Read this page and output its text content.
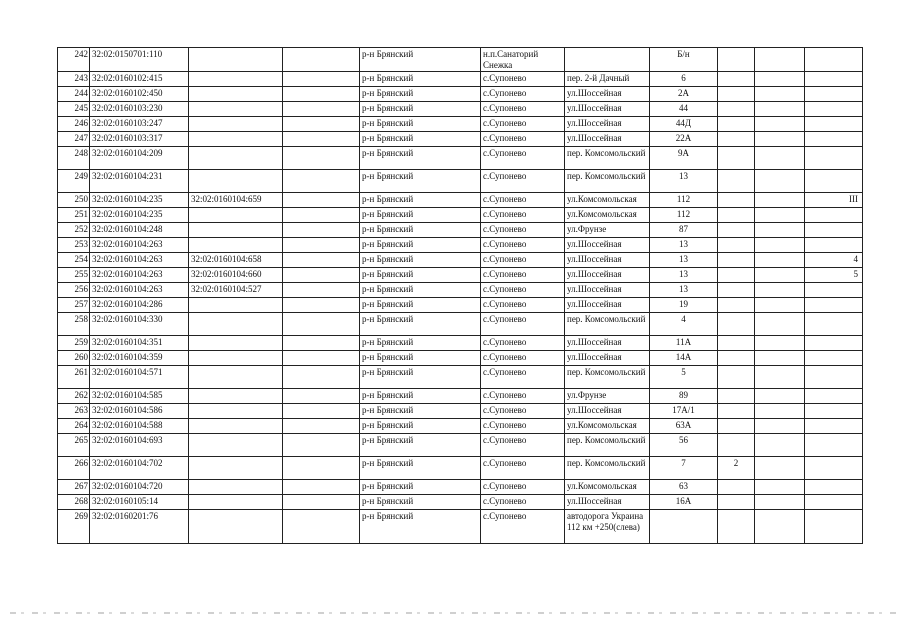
242	32:02:0150701:110			р-н Брянский	н.п.Санаторий Снежка		Б/н			
243	32:02:0160102:415			р-н Брянский	с.Супонево	пер. 2-й Дачный	6			
244	32:02:0160102:450			р-н Брянский	с.Супонево	ул.Шоссейная	2А			
245	32:02:0160103:230			р-н Брянский	с.Супонево	ул.Шоссейная	44			
246	32:02:0160103:247			р-н Брянский	с.Супонево	ул.Шоссейная	44Д			
247	32:02:0160103:317			р-н Брянский	с.Супонево	ул.Шоссейная	22А			
248	32:02:0160104:209			р-н Брянский	с.Супонево	пер. Комсомольский	9А			
249	32:02:0160104:231			р-н Брянский	с.Супонево	пер. Комсомольский	13			
250	32:02:0160104:235	32:02:0160104:659		р-н Брянский	с.Супонево	ул.Комсомольская	112			III
251	32:02:0160104:235			р-н Брянский	с.Супонево	ул.Комсомольская	112			
252	32:02:0160104:248			р-н Брянский	с.Супонево	ул.Фрунзе	87			
253	32:02:0160104:263			р-н Брянский	с.Супонево	ул.Шоссейная	13			
254	32:02:0160104:263	32:02:0160104:658		р-н Брянский	с.Супонево	ул.Шоссейная	13			4
255	32:02:0160104:263	32:02:0160104:660		р-н Брянский	с.Супонево	ул.Шоссейная	13			5
256	32:02:0160104:263	32:02:0160104:527		р-н Брянский	с.Супонево	ул.Шоссейная	13			
257	32:02:0160104:286			р-н Брянский	с.Супонево	ул.Шоссейная	19			
258	32:02:0160104:330			р-н Брянский	с.Супонево	пер. Комсомольский	4			
259	32:02:0160104:351			р-н Брянский	с.Супонево	ул.Шоссейная	11А			
260	32:02:0160104:359			р-н Брянский	с.Супонево	ул.Шоссейная	14А			
261	32:02:0160104:571			р-н Брянский	с.Супонево	пер. Комсомольский	5			
262	32:02:0160104:585			р-н Брянский	с.Супонево	ул.Фрунзе	89			
263	32:02:0160104:586			р-н Брянский	с.Супонево	ул.Шоссейная	17А/1			
264	32:02:0160104:588			р-н Брянский	с.Супонево	ул.Комсомольская	63А			
265	32:02:0160104:693			р-н Брянский	с.Супонево	пер. Комсомольский	56			
266	32:02:0160104:702			р-н Брянский	с.Супонево	пер. Комсомольский	7	2		
267	32:02:0160104:720			р-н Брянский	с.Супонево	ул.Комсомольская	63			
268	32:02:0160105:14			р-н Брянский	с.Супонево	ул.Шоссейная	16А			
269	32:02:0160201:76			р-н Брянский	с.Супонево	автодорога Украина 112 км +250(слева)				
